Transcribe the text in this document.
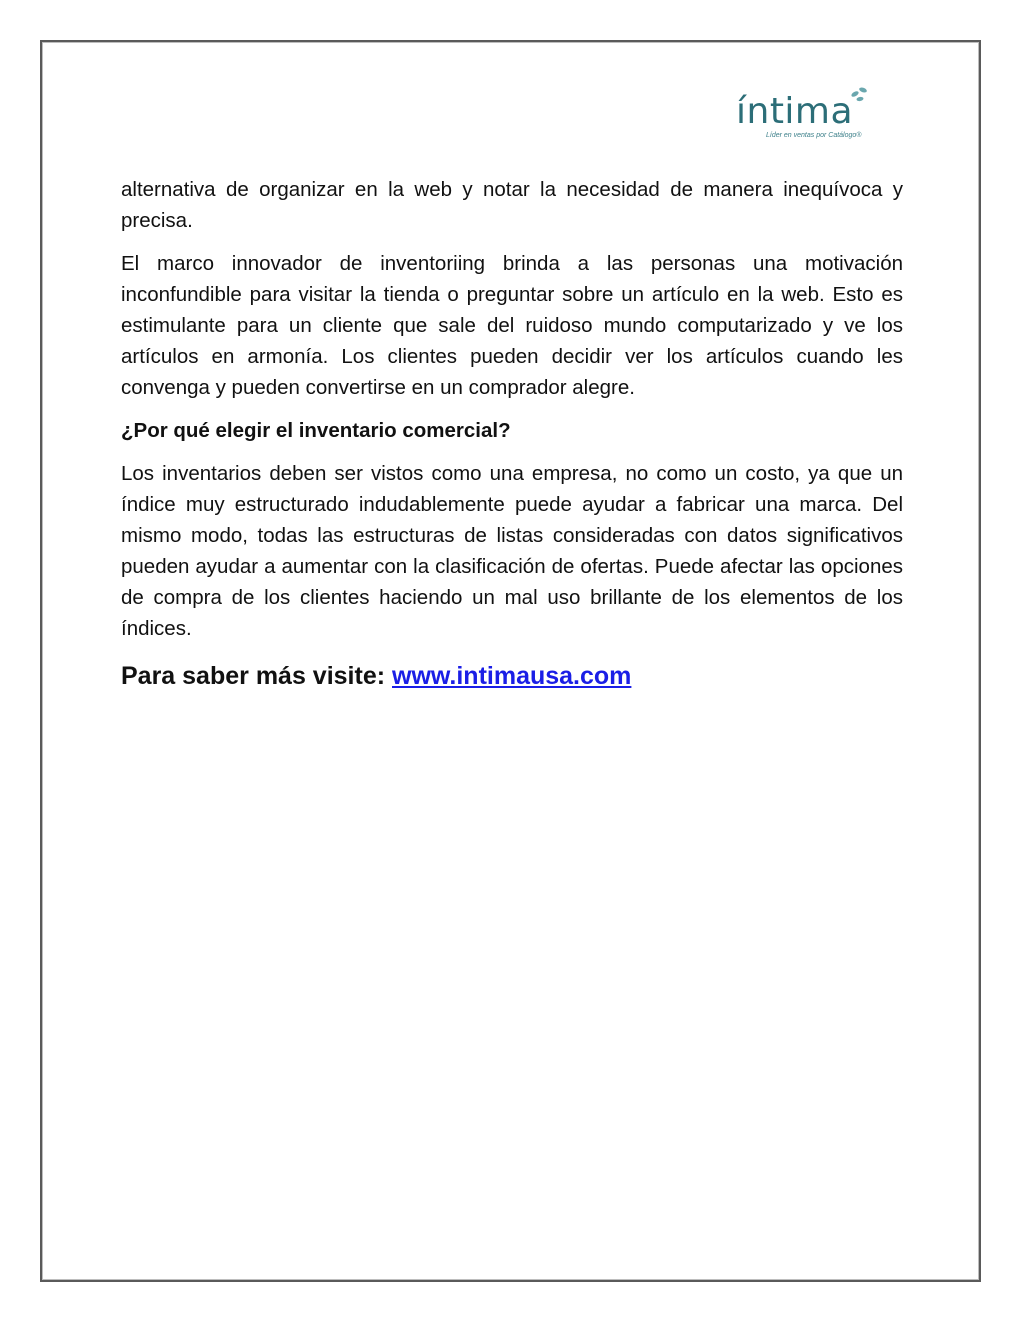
íntima
Líder en ventas por Catálogo®

alternativa de organizar en la web y notar la necesidad de manera inequívoca y precisa.

El marco innovador de inventoriing brinda a las personas una motivación inconfundible para visitar la tienda o preguntar sobre un artículo en la web. Esto es estimulante para un cliente que sale del ruidoso mundo computarizado y ve los artículos en armonía. Los clientes pueden decidir ver los artículos cuando les convenga y pueden convertirse en un comprador alegre.

¿Por qué elegir el inventario comercial?

Los inventarios deben ser vistos como una empresa, no como un costo, ya que un índice muy estructurado indudablemente puede ayudar a fabricar una marca. Del mismo modo, todas las estructuras de listas consideradas con datos significativos pueden ayudar a aumentar con la clasificación de ofertas. Puede afectar las opciones de compra de los clientes haciendo un mal uso brillante de los elementos de los índices.

Para saber más visite: www.intimausa.com
